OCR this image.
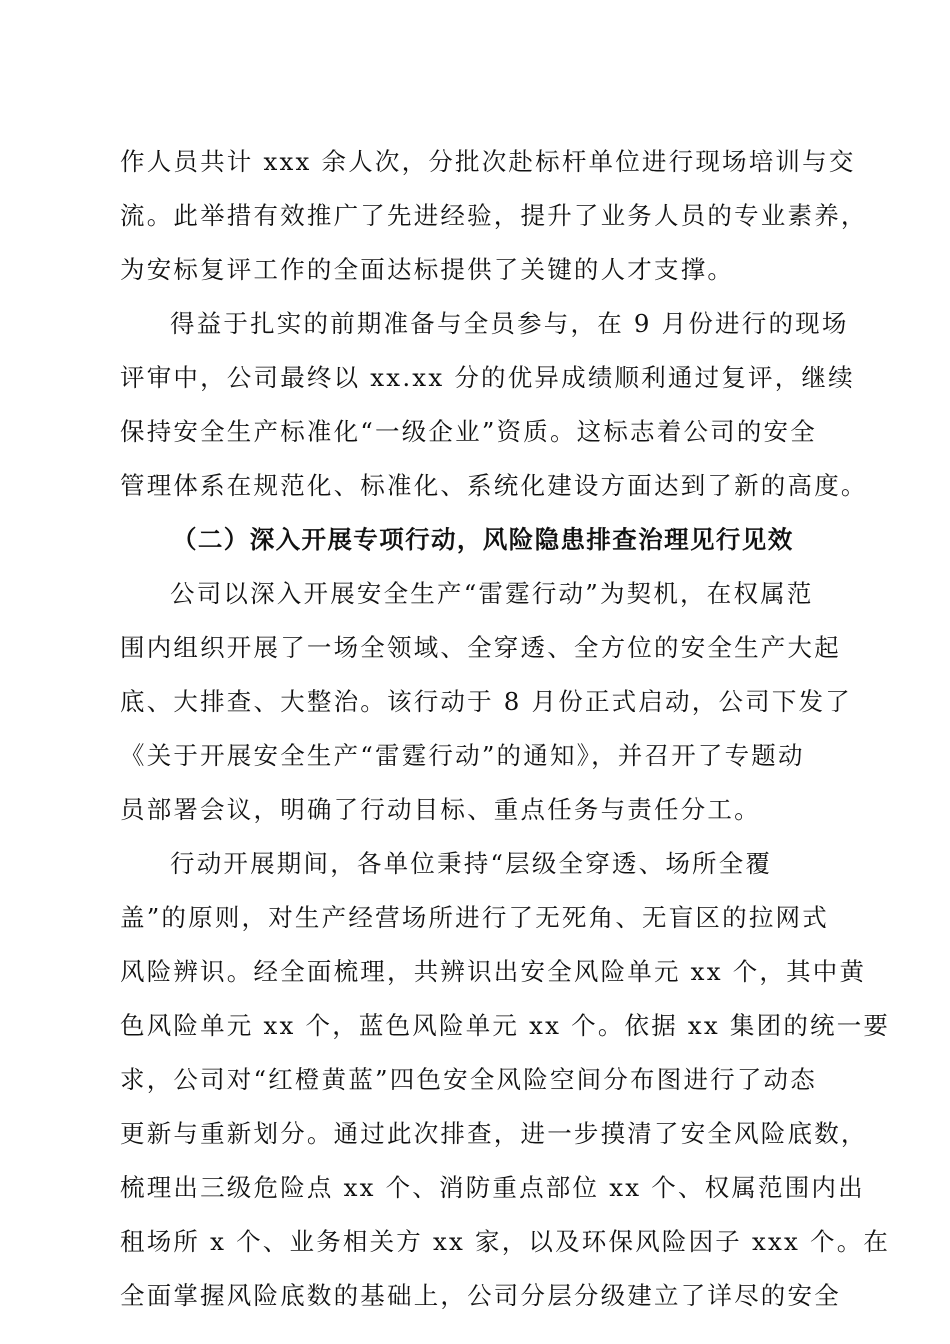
作人员共计 xxx 余人次，分批次赴标杆单位进行现场培训与交
流。此举措有效推广了先进经验，提升了业务人员的专业素养，
为安标复评工作的全面达标提供了关键的人才支撑。
得益于扎实的前期准备与全员参与，在 9 月份进行的现场
评审中，公司最终以 xx.xx 分的优异成绩顺利通过复评，继续
保持安全生产标准化“一级企业”资质。这标志着公司的安全
管理体系在规范化、标准化、系统化建设方面达到了新的高度。
（二）深入开展专项行动，风险隐患排查治理见行见效
公司以深入开展安全生产“雷霆行动”为契机，在权属范
围内组织开展了一场全领域、全穿透、全方位的安全生产大起
底、大排查、大整治。该行动于 8 月份正式启动，公司下发了
《关于开展安全生产“雷霆行动”的通知》，并召开了专题动
员部署会议，明确了行动目标、重点任务与责任分工。
行动开展期间，各单位秉持“层级全穿透、场所全覆
盖”的原则，对生产经营场所进行了无死角、无盲区的拉网式
风险辨识。经全面梳理，共辨识出安全风险单元 xx 个，其中黄
色风险单元 xx 个，蓝色风险单元 xx 个。依据 xx 集团的统一要
求，公司对“红橙黄蓝”四色安全风险空间分布图进行了动态
更新与重新划分。通过此次排查，进一步摸清了安全风险底数，
梳理出三级危险点 xx 个、消防重点部位 xx 个、权属范围内出
租场所 x 个、业务相关方 xx 家，以及环保风险因子 xxx 个。在
全面掌握风险底数的基础上，公司分层分级建立了详尽的安全
